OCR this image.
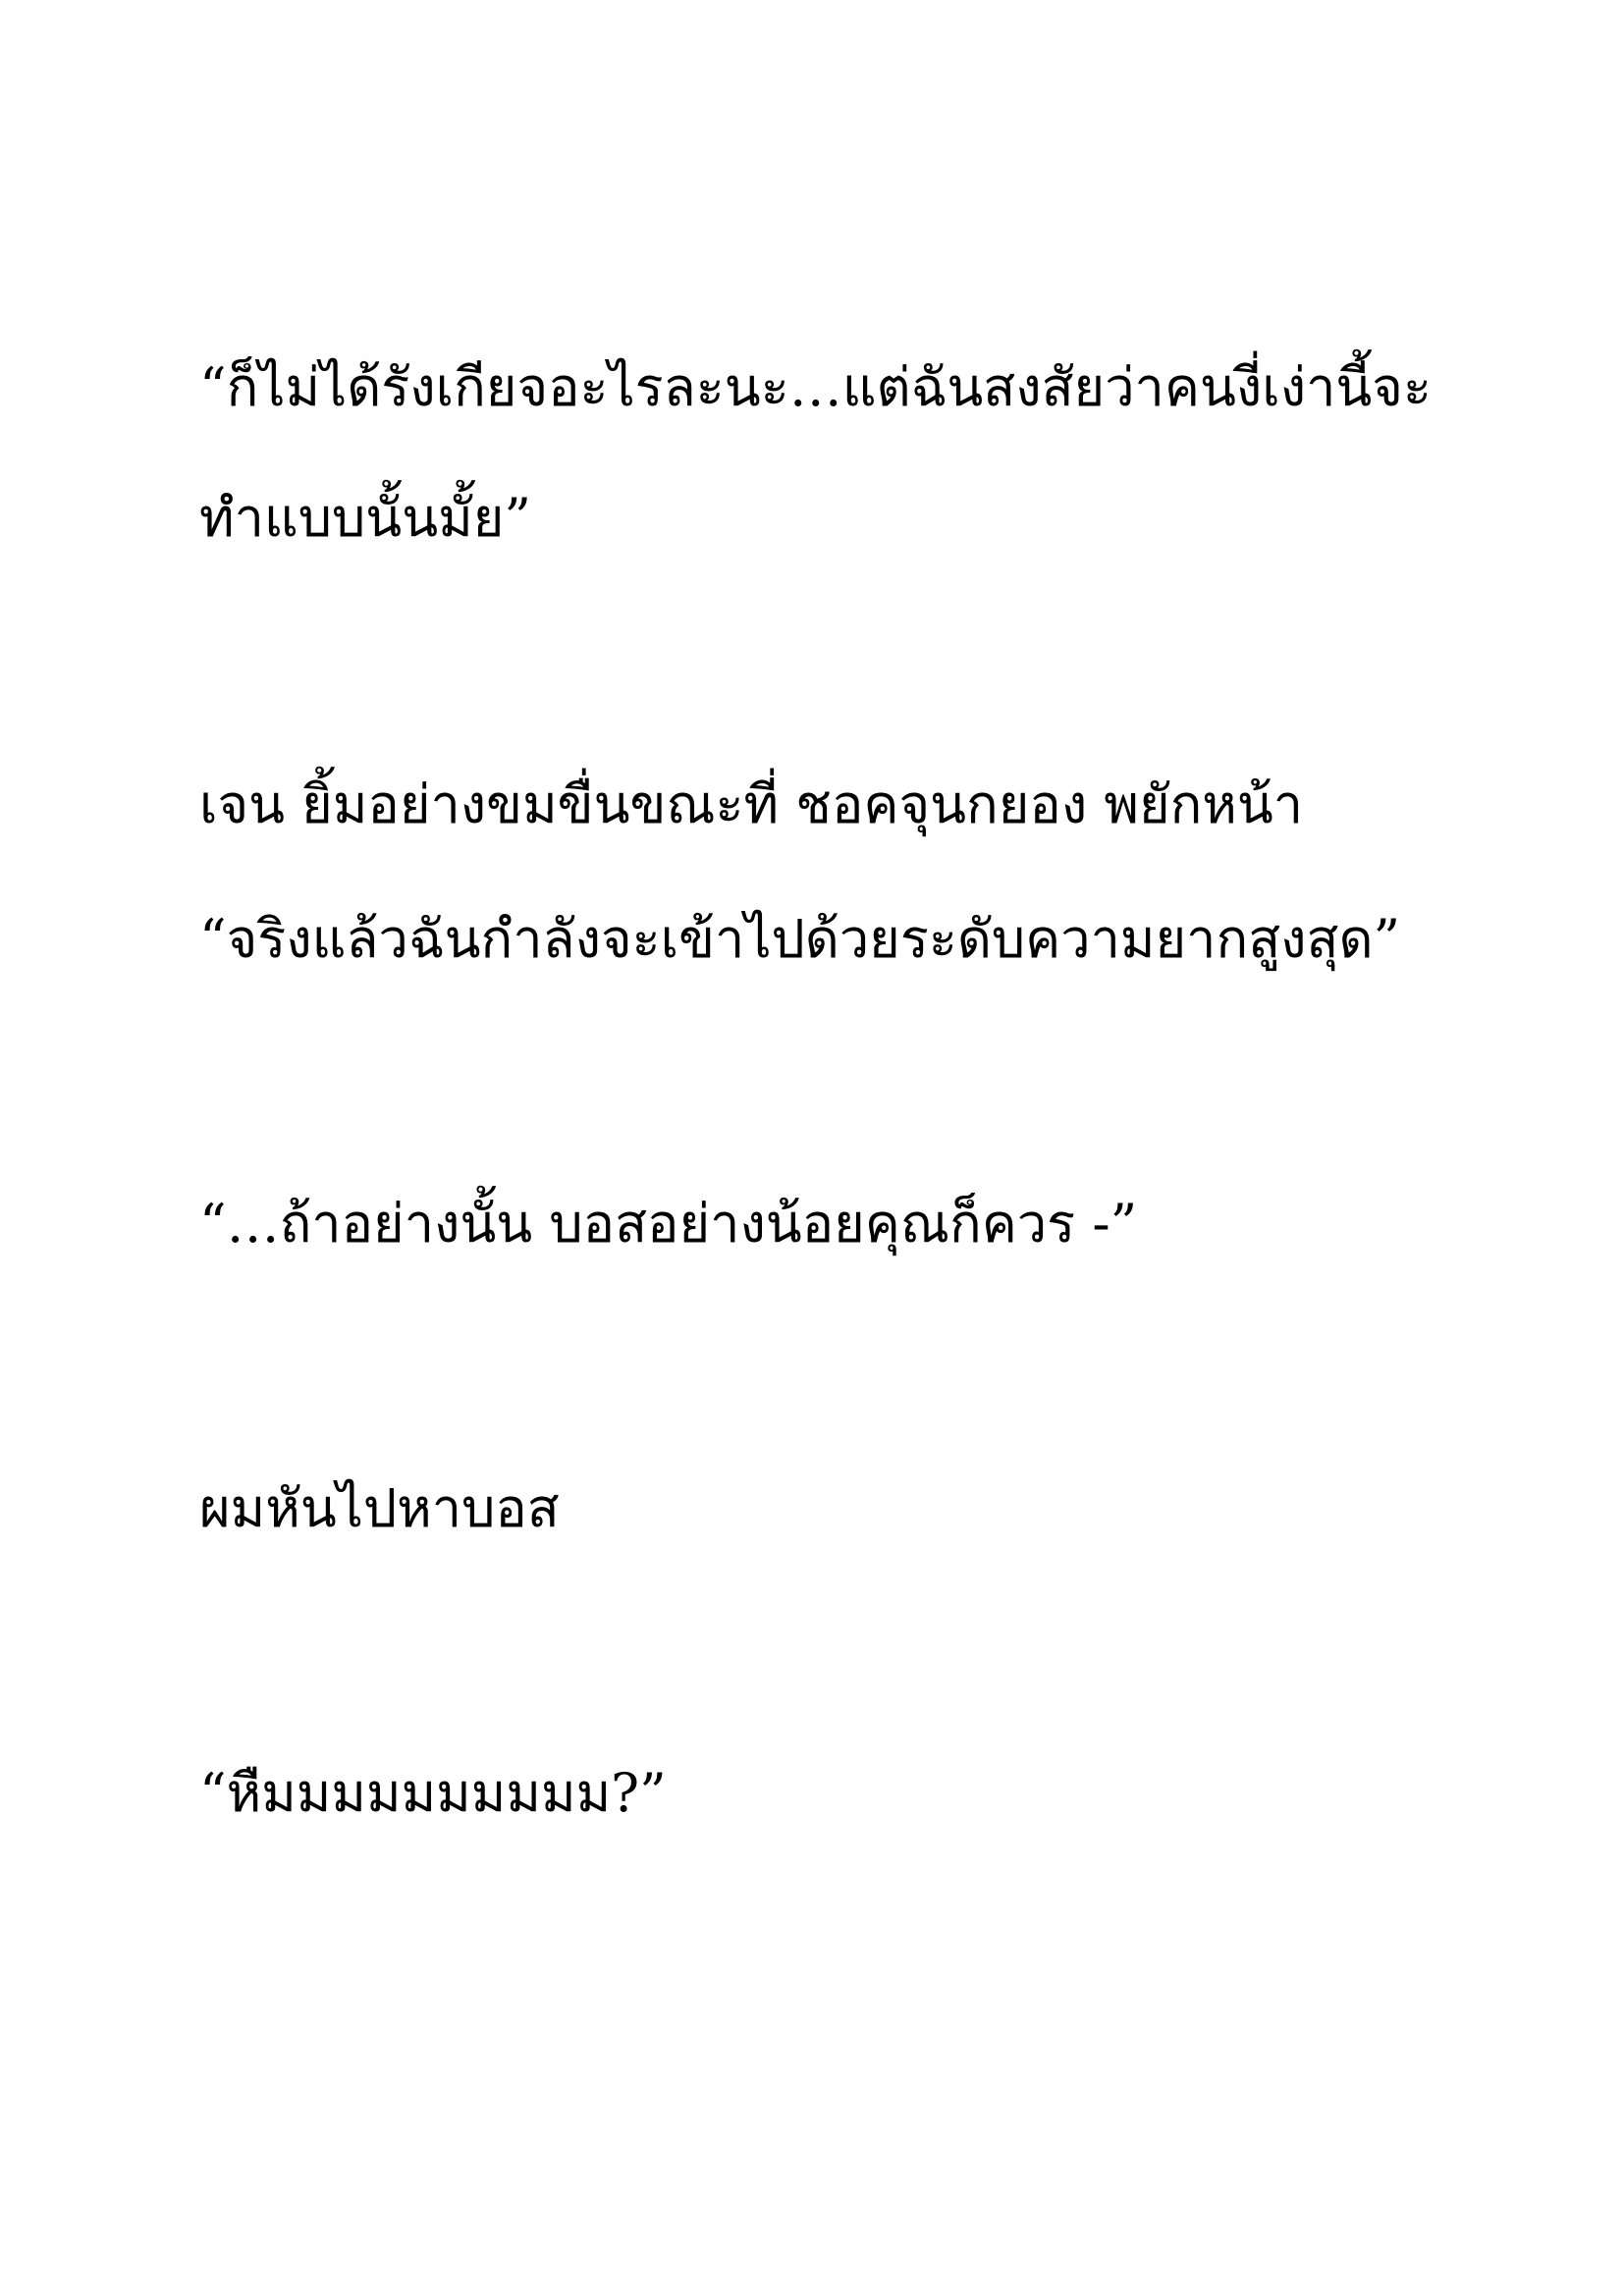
“ก็ไม่ได้รังเกียจอะไรละนะ…แต่ฉันสงสัยว่าคนงี่เง่านี้จะ

ทำแบบนั้นมั้ย”

เจน ยิ้มอย่างขมขื่นขณะที่ ชอคจุนกยอง พยักหน้า

“จริงแล้วฉันกำลังจะเข้าไปด้วยระดับความยากสูงสุด”

“…ถ้าอย่างนั้น บอสอย่างน้อยคุณก็ควร -”

ผมหันไปหาบอส

“หืมมมมมมมมมม?”
